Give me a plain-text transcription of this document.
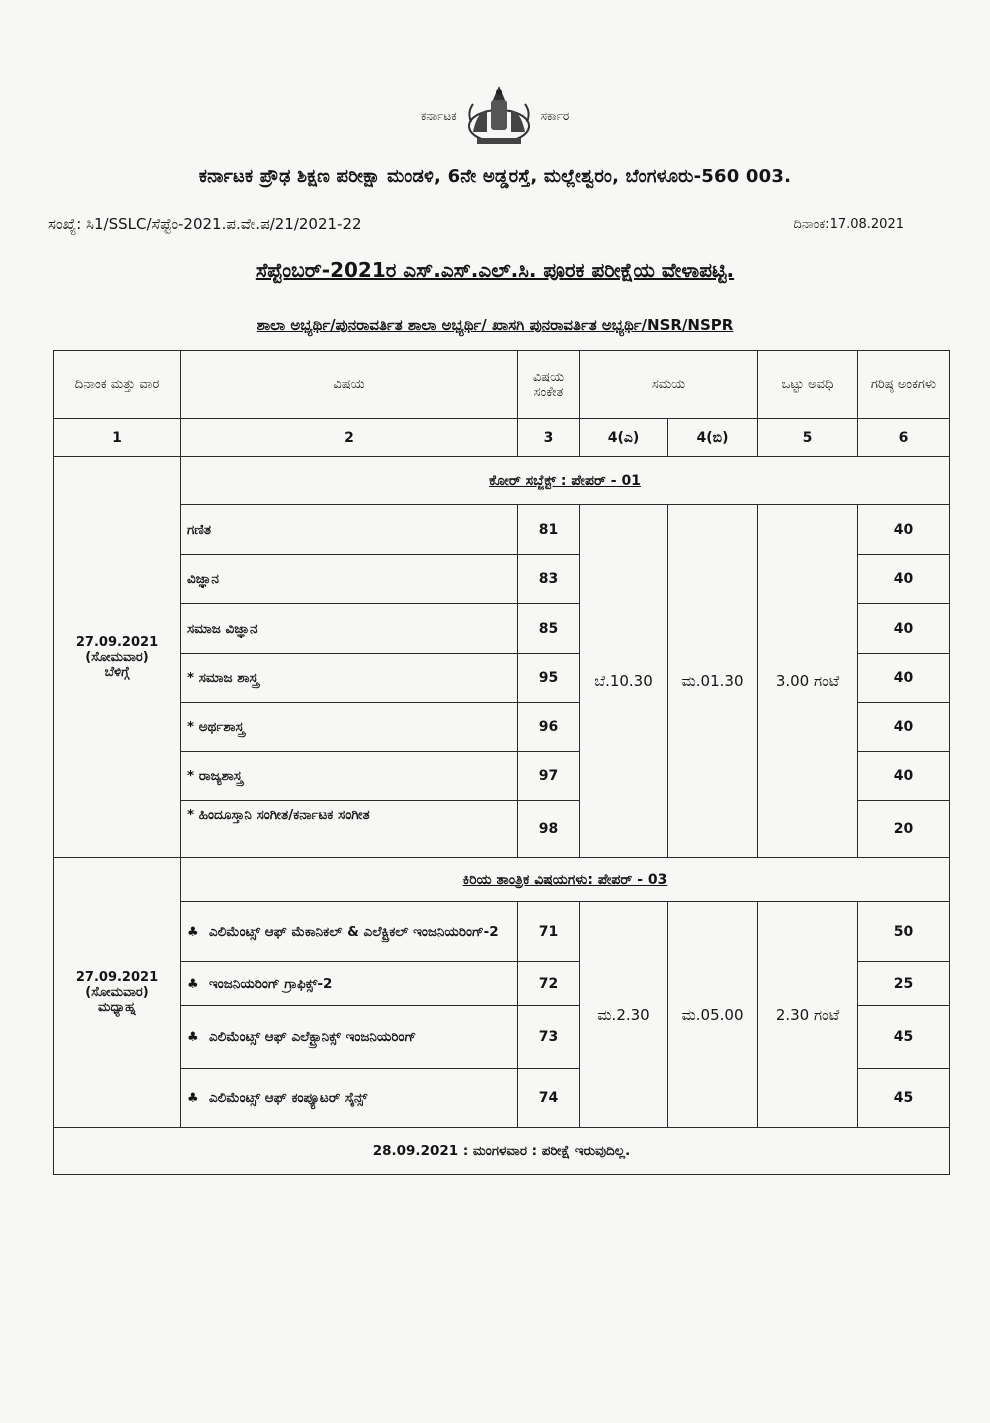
ಕರ್ನಾಟಕ	ಸರ್ಕಾರ
ಕರ್ನಾಟಕ ಪ್ರೌಢ ಶಿಕ್ಷಣ ಪರೀಕ್ಷಾ ಮಂಡಳಿ, 6ನೇ ಅಡ್ಡರಸ್ತೆ, ಮಲ್ಲೇಶ್ವರಂ, ಬೆಂಗಳೂರು-560 003.
ಸಂಖ್ಯೆ: ಸಿ1/SSLC/ಸೆಪ್ಟೆಂ-2021.ಪ.ವೇ.ಪ/21/2021-22	ದಿನಾಂಕ:17.08.2021
ಸೆಪ್ಟೆಂಬರ್-2021ರ ಎಸ್.ಎಸ್.ಎಲ್.ಸಿ. ಪೂರಕ ಪರೀಕ್ಷೆಯ ವೇಳಾಪಟ್ಟಿ.
ಶಾಲಾ ಅಭ್ಯರ್ಥಿ/ಪುನರಾವರ್ತಿತ ಶಾಲಾ ಅಭ್ಯರ್ಥಿ/ ಖಾಸಗಿ ಪುನರಾವರ್ತಿತ ಅಭ್ಯರ್ಥಿ/NSR/NSPR
ದಿನಾಂಕ ಮತ್ತು ವಾರ	ವಿಷಯ	ವಿಷಯ ಸಂಕೇತ	ಸಮಯ		ಒಟ್ಟು ಅವಧಿ	ಗರಿಷ್ಠ ಅಂಕಗಳು
1	2	3	4(ಎ)	4(ಬಿ)	5	6

27.09.2021
(ಸೋಮವಾರ)
ಬೆಳಿಗ್ಗೆ	ಕೋರ್ ಸಬ್ಜೆಕ್ಟ್ : ಪೇಪರ್ - 01					
	ಗಣಿತ	81	ಬೆ.10.30	ಮ.01.30	3.00 ಗಂಟೆ	40
	ವಿಜ್ಞಾನ	83				40
	ಸಮಾಜ ವಿಜ್ಞಾನ	85				40
	* ಸಮಾಜ ಶಾಸ್ತ್ರ	95				40
	* ಅರ್ಥಶಾಸ್ತ್ರ	96				40
	* ರಾಜ್ಯಶಾಸ್ತ್ರ	97				40
	* ಹಿಂದೂಸ್ತಾನಿ ಸಂಗೀತ/ಕರ್ನಾಟಕ ಸಂಗೀತ	98				20

27.09.2021
(ಸೋಮವಾರ)
ಮಧ್ಯಾಹ್ನ	ಕಿರಿಯ ತಾಂತ್ರಿಕ ವಿಷಯಗಳು: ಪೇಪರ್ - 03					
	♣ ಎಲಿಮೆಂಟ್ಸ್ ಆಫ್ ಮೆಕಾನಿಕಲ್ & ಎಲೆಕ್ಟ್ರಿಕಲ್ ಇಂಜನಿಯರಿಂಗ್-2	71	ಮ.2.30	ಮ.05.00	2.30 ಗಂಟೆ	50
	♣ ಇಂಜನಿಯರಿಂಗ್ ಗ್ರಾಫಿಕ್ಸ್-2	72				25
	♣ ಎಲಿಮೆಂಟ್ಸ್ ಆಫ್ ಎಲೆಕ್ಟ್ರಾನಿಕ್ಸ್ ಇಂಜನಿಯರಿಂಗ್	73				45
	♣ ಎಲಿಮೆಂಟ್ಸ್ ಆಫ್ ಕಂಪ್ಯೂಟರ್ ಸೈನ್ಸ್	74				45
28.09.2021 : ಮಂಗಳವಾರ : ಪರೀಕ್ಷೆ ಇರುವುದಿಲ್ಲ.						
